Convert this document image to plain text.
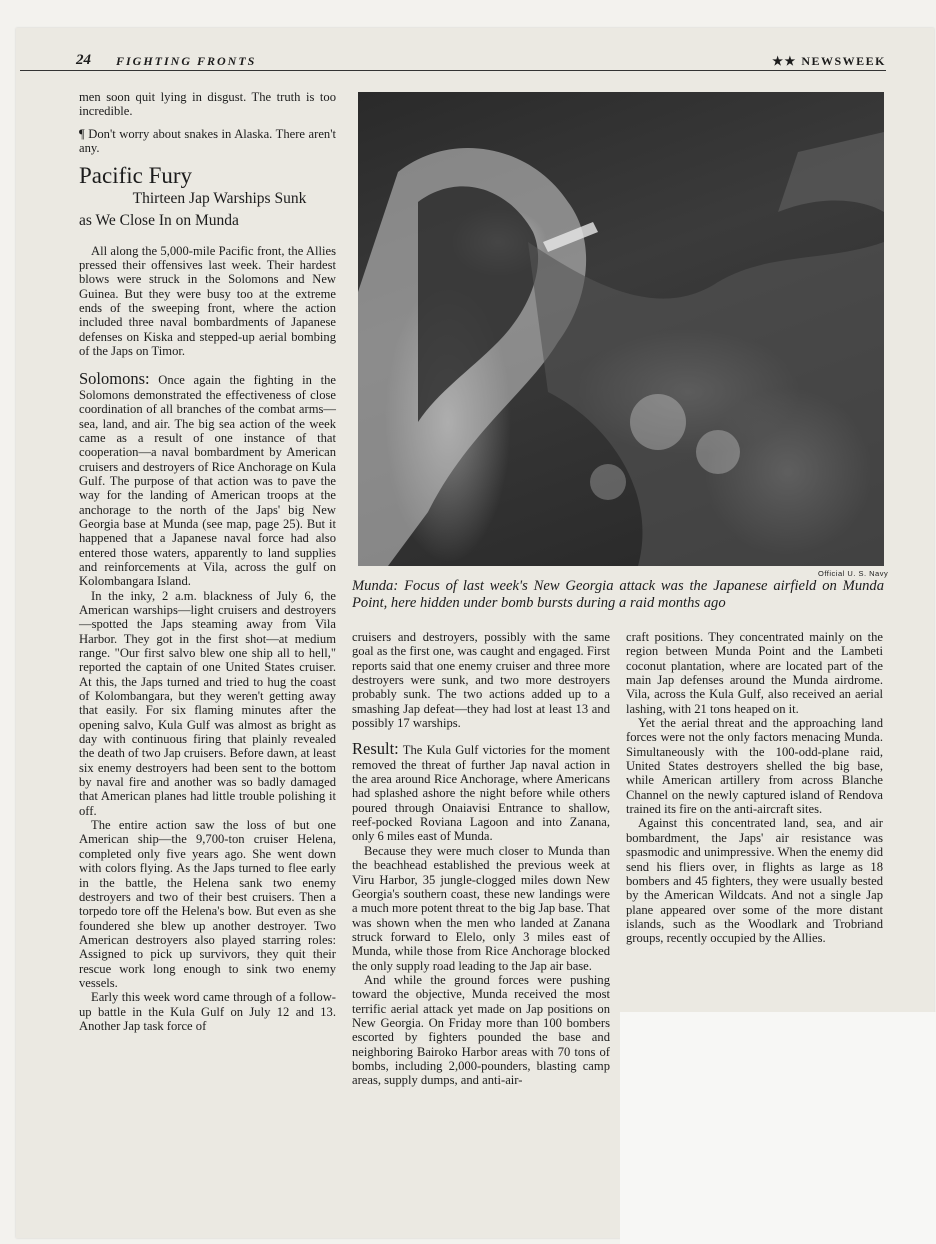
24 FIGHTING FRONTS	★★ NEWSWEEK

men soon quit lying in disgust. The truth is too incredible.

¶ Don't worry about snakes in Alaska. There aren't any.

Pacific Fury
Thirteen Jap Warships Sunk
as We Close In on Munda

All along the 5,000-mile Pacific front, the Allies pressed their offensives last week. Their hardest blows were struck in the Solomons and New Guinea. But they were busy too at the extreme ends of the sweeping front, where the action included three naval bombardments of Japanese defenses on Kiska and stepped-up aerial bombing of the Japs on Timor.

Solomons: Once again the fighting in the Solomons demonstrated the effectiveness of close coordination of all branches of the combat arms—sea, land, and air. The big sea action of the week came as a result of one instance of that cooperation—a naval bombardment by American cruisers and destroyers of Rice Anchorage on Kula Gulf. The purpose of that action was to pave the way for the landing of American troops at the anchorage to the north of the Japs' big New Georgia base at Munda (see map, page 25). But it happened that a Japanese naval force had also entered those waters, apparently to land supplies and reinforcements at Vila, across the gulf on Kolombangara Island.

In the inky, 2 a.m. blackness of July 6, the American warships—light cruisers and destroyers—spotted the Japs steaming away from Vila Harbor. They got in the first shot—at medium range. "Our first salvo blew one ship all to hell," reported the captain of one United States cruiser. At this, the Japs turned and tried to hug the coast of Kolombangara, but they weren't getting away that easily. For six flaming minutes after the opening salvo, Kula Gulf was almost as bright as day with continuous firing that plainly revealed the death of two Jap cruisers. Before dawn, at least six enemy destroyers had been sent to the bottom by naval fire and another was so badly damaged that American planes had little trouble polishing it off.

The entire action saw the loss of but one American ship—the 9,700-ton cruiser Helena, completed only five years ago. She went down with colors flying. As the Japs turned to flee early in the battle, the Helena sank two enemy destroyers and two of their best cruisers. Then a torpedo tore off the Helena's bow. But even as she foundered she blew up another destroyer. Two American destroyers also played starring roles: Assigned to pick up survivors, they quit their rescue work long enough to sink two enemy vessels.

Early this week word came through of a follow-up battle in the Kula Gulf on July 12 and 13. Another Jap task force of

Official U. S. Navy
Munda: Focus of last week's New Georgia attack was the Japanese airfield on Munda Point, here hidden under bomb bursts during a raid months ago

cruisers and destroyers, possibly with the same goal as the first one, was caught and engaged. First reports said that one enemy cruiser and three more destroyers were sunk, and two more destroyers probably sunk. The two actions added up to a smashing Jap defeat—they had lost at least 13 and possibly 17 warships.

Result: The Kula Gulf victories for the moment removed the threat of further Jap naval action in the area around Rice Anchorage, where Americans had splashed ashore the night before while others poured through Onaiavisi Entrance to shallow, reef-pocked Roviana Lagoon and into Zanana, only 6 miles east of Munda.

Because they were much closer to Munda than the beachhead established the previous week at Viru Harbor, 35 jungle-clogged miles down New Georgia's southern coast, these new landings were a much more potent threat to the big Jap base. That was shown when the men who landed at Zanana struck forward to Elelo, only 3 miles east of Munda, while those from Rice Anchorage blocked the only supply road leading to the Jap air base.

And while the ground forces were pushing toward the objective, Munda received the most terrific aerial attack yet made on Jap positions on New Georgia. On Friday more than 100 bombers escorted by fighters pounded the base and neighboring Bairoko Harbor areas with 70 tons of bombs, including 2,000-pounders, blasting camp areas, supply dumps, and anti-air-

craft positions. They concentrated mainly on the region between Munda Point and the Lambeti coconut plantation, where are located part of the main Jap defenses around the Munda airdrome. Vila, across the Kula Gulf, also received an aerial lashing, with 21 tons heaped on it.

Yet the aerial threat and the approaching land forces were not the only factors menacing Munda. Simultaneously with the 100-odd-plane raid, United States destroyers shelled the big base, while American artillery from across Blanche Channel on the newly captured island of Rendova trained its fire on the anti-aircraft sites.

Against this concentrated land, sea, and air bombardment, the Japs' air resistance was spasmodic and unimpressive. When the enemy did send his fliers over, in flights as large as 18 bombers and 45 fighters, they were usually bested by the American Wildcats. And not a single Jap plane appeared over some of the more distant islands, such as the Woodlark and Trobriand groups, recently occupied by the Allies.
